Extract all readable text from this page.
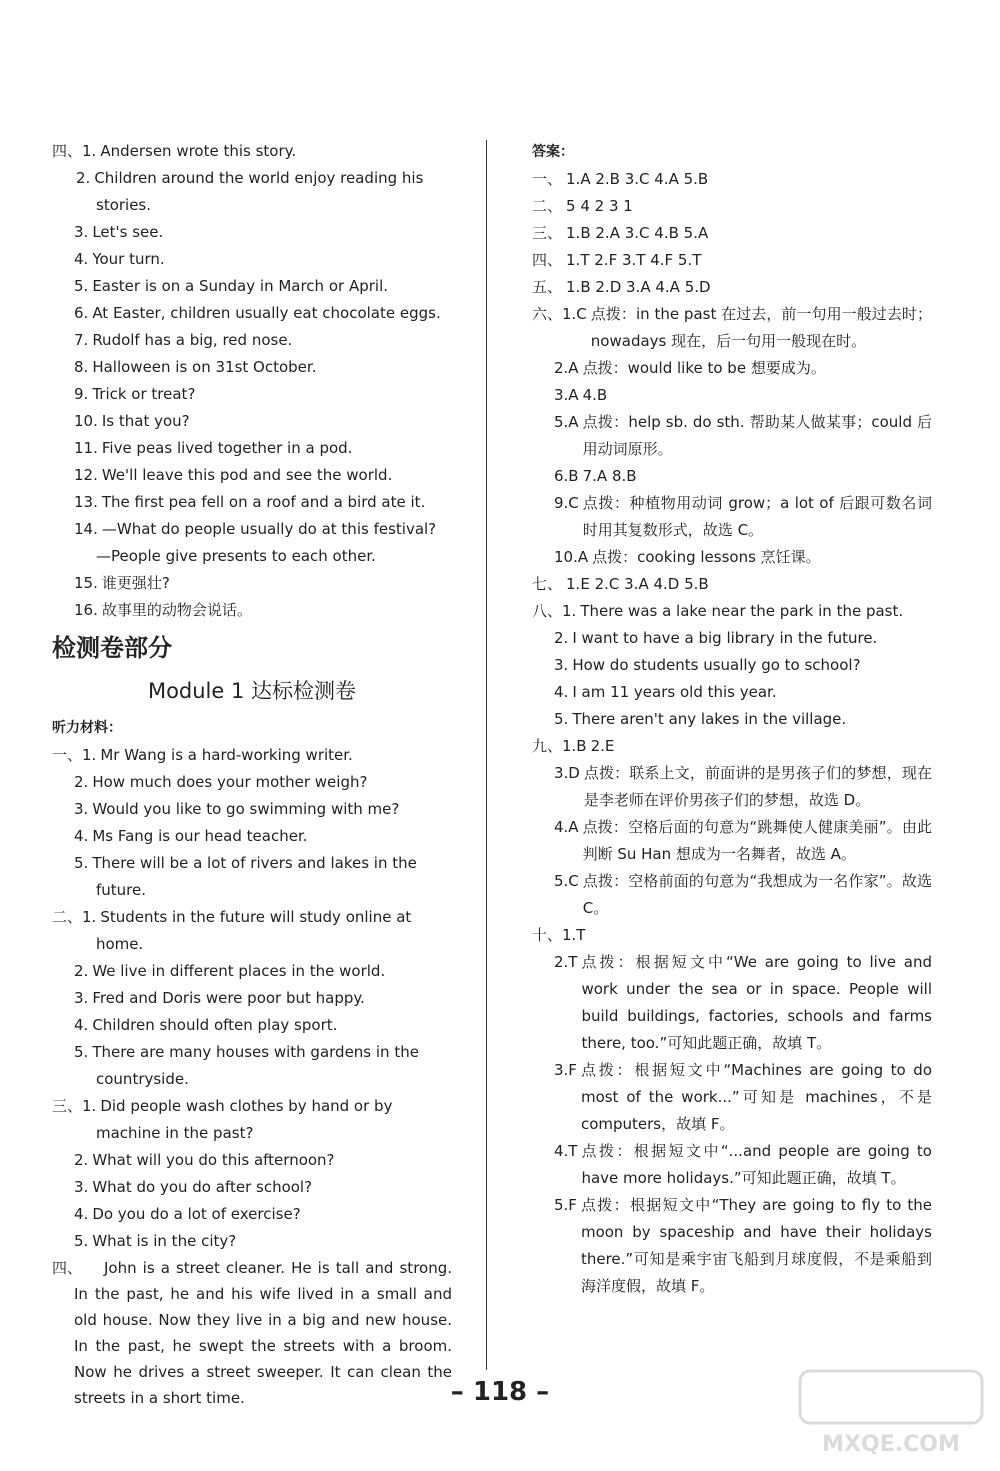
四、1. Andersen wrote this story.
2. Children around the world enjoy reading his
stories.
3. Let's see.
4. Your turn.
5. Easter is on a Sunday in March or April.
6. At Easter, children usually eat chocolate eggs.
7. Rudolf has a big, red nose.
8. Halloween is on 31st October.
9. Trick or treat?
10. Is that you?
11. Five peas lived together in a pod.
12. We'll leave this pod and see the world.
13. The first pea fell on a roof and a bird ate it.
14. —What do people usually do at this festival?
—People give presents to each other.
15. 谁更强壮?
16. 故事里的动物会说话。
检测卷部分
Module 1 达标检测卷
听力材料：
一、1. Mr Wang is a hard-working writer.
2. How much does your mother weigh?
3. Would you like to go swimming with me?
4. Ms Fang is our head teacher.
5. There will be a lot of rivers and lakes in the
future.
二、1. Students in the future will study online at
home.
2. We live in different places in the world.
3. Fred and Doris were poor but happy.
4. Children should often play sport.
5. There are many houses with gardens in the
countryside.
三、1. Did people wash clothes by hand or by
machine in the past?
2. What will you do this afternoon?
3. What do you do after school?
4. Do you do a lot of exercise?
5. What is in the city?
四、	John is a street cleaner. He is tall and strong. In the past, he and his wife lived in a small and old house. Now they live in a big and new house. In the past, he swept the streets with a broom. Now he drives a street sweeper. It can clean the streets in a short time.
答案：
一、 1.A 2.B 3.C 4.A 5.B
二、 5 4 2 3 1
三、 1.B 2.A 3.C 4.B 5.A
四、 1.T 2.F 3.T 4.F 5.T
五、 1.B 2.D 3.A 4.A 5.D
六、1.C 点拨：in the past 在过去，前一句用一般过去时；nowadays 现在，后一句用一般现在时。
2.A 点拨：would like to be 想要成为。
3.A 4.B
5.A 点拨：help sb. do sth. 帮助某人做某事；could 后用动词原形。
6.B 7.A 8.B
9.C 点拨：种植物用动词 grow；a lot of 后跟可数名词时用其复数形式，故选 C。
10.A 点拨：cooking lessons 烹饪课。
七、 1.E 2.C 3.A 4.D 5.B
八、1. There was a lake near the park in the past.
2. I want to have a big library in the future.
3. How do students usually go to school?
4. I am 11 years old this year.
5. There aren't any lakes in the village.
九、1.B 2.E
3.D 点拨：联系上文，前面讲的是男孩子们的梦想，现在是李老师在评价男孩子们的梦想，故选 D。
4.A 点拨：空格后面的句意为“跳舞使人健康美丽”。由此判断 Su Han 想成为一名舞者，故选 A。
5.C 点拨：空格前面的句意为“我想成为一名作家”。故选 C。
十、1.T
2.T 点拨：根据短文中“We are going to live and work under the sea or in space. People will build buildings, factories, schools and farms there, too.”可知此题正确，故填 T。
3.F 点拨：根据短文中“Machines are going to do most of the work...”可知是 machines，不是 computers，故填 F。
4.T 点拨：根据短文中“...and people are going to have more holidays.”可知此题正确，故填 T。
5.F 点拨：根据短文中“They are going to fly to the moon by spaceship and have their holidays there.”可知是乘宇宙飞船到月球度假，不是乘船到海洋度假，故填 F。
– 118 –
MXQE.COM
